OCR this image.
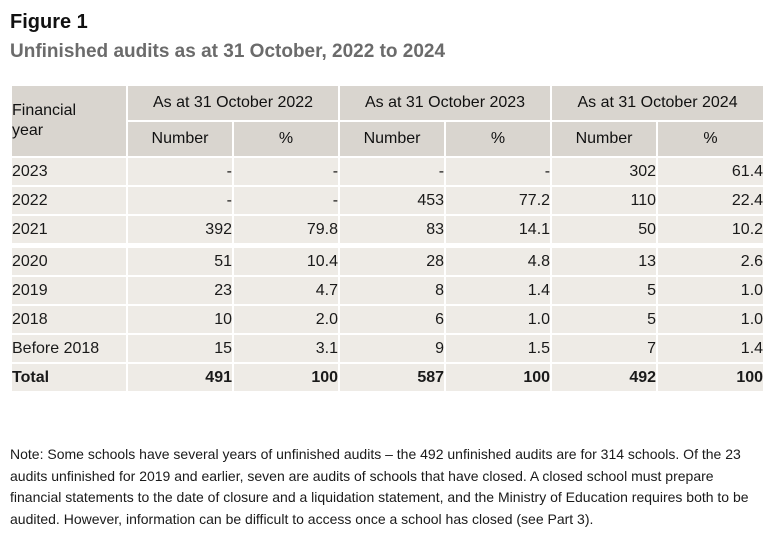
Figure 1
Unfinished audits as at 31 October, 2022 to 2024
Financial year	As at 31 October 2022		As at 31 October 2023		As at 31 October 2024	
	Number	%	Number	%	Number	%
2023	-	-	-	-	302	61.4
2022	-	-	453	77.2	110	22.4
2021	392	79.8	83	14.1	50	10.2
2020	51	10.4	28	4.8	13	2.6
2019	23	4.7	8	1.4	5	1.0
2018	10	2.0	6	1.0	5	1.0
Before 2018	15	3.1	9	1.5	7	1.4
Total	491	100	587	100	492	100

Note: Some schools have several years of unfinished audits – the 492 unfinished audits are for 314 schools. Of the 23 audits unfinished for 2019 and earlier, seven are audits of schools that have closed. A closed school must prepare financial statements to the date of closure and a liquidation statement, and the Ministry of Education requires both to be audited. However, information can be difficult to access once a school has closed (see Part 3).
